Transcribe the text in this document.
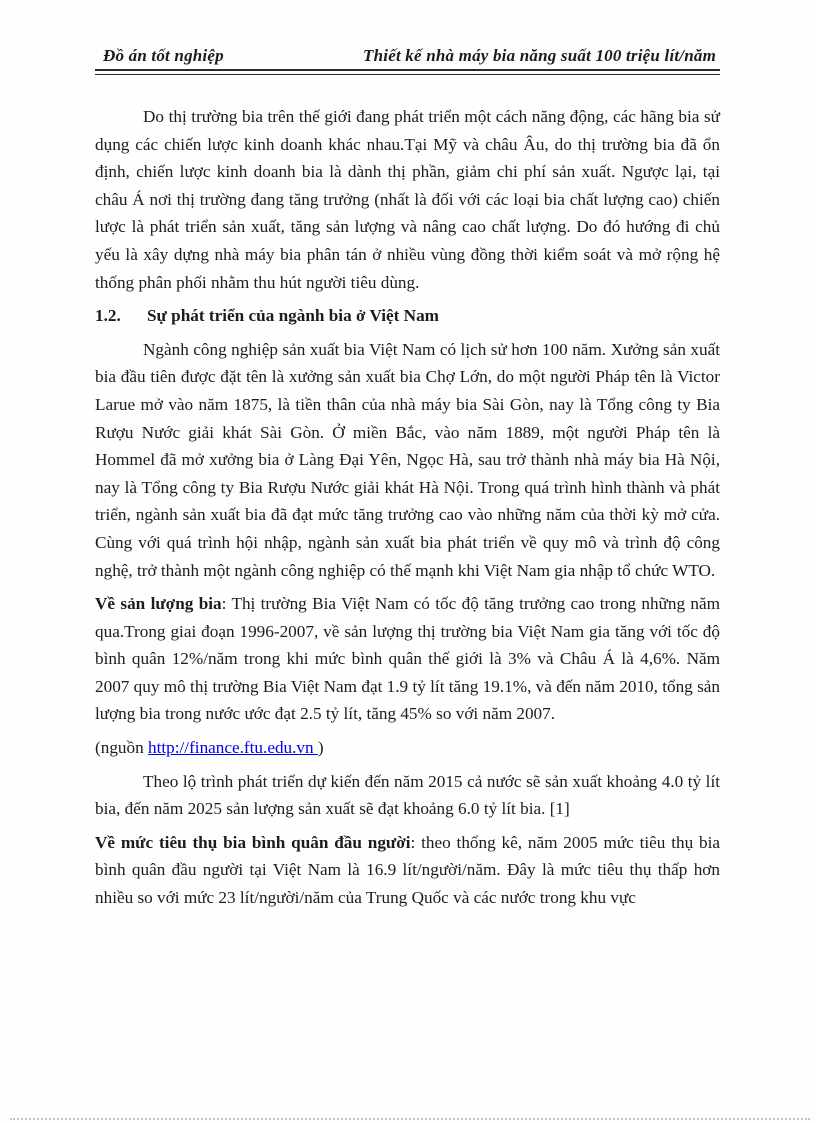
Đồ án tốt nghiệp	Thiết kế nhà máy bia năng suất 100 triệu lít/năm

Do thị trường bia trên thế giới đang phát triển một cách năng động, các hãng bia sử dụng các chiến lược kinh doanh khác nhau.Tại Mỹ và châu Âu, do thị trường bia đã ổn định, chiến lược kinh doanh bia là dành thị phần, giảm chi phí sản xuất. Ngược lại, tại châu Á nơi thị trường đang tăng trưởng (nhất là đối với các loại bia chất lượng cao) chiến lược là phát triển sản xuất, tăng sản lượng và nâng cao chất lượng. Do đó hướng đi chủ yếu là xây dựng nhà máy bia phân tán ở nhiều vùng đồng thời kiểm soát và mở rộng hệ thống phân phối nhằm thu hút người tiêu dùng.

1.2. Sự phát triển của ngành bia ở Việt Nam

Ngành công nghiệp sản xuất bia Việt Nam có lịch sử hơn 100 năm. Xưởng sản xuất bia đầu tiên được đặt tên là xưởng sản xuất bia Chợ Lớn, do một người Pháp tên là Victor Larue mở vào năm 1875, là tiền thân của nhà máy bia Sài Gòn, nay là Tổng công ty Bia Rượu Nước giải khát Sài Gòn. Ở miền Bắc, vào năm 1889, một người Pháp tên là Hommel đã mở xưởng bia ở Làng Đại Yên, Ngọc Hà, sau trở thành nhà máy bia Hà Nội, nay là Tổng công ty Bia Rượu Nước giải khát Hà Nội. Trong quá trình hình thành và phát triển, ngành sản xuất bia đã đạt mức tăng trưởng cao vào những năm của thời kỳ mở cửa. Cùng với quá trình hội nhập, ngành sản xuất bia phát triển về quy mô và trình độ công nghệ, trở thành một ngành công nghiệp có thế mạnh khi Việt Nam gia nhập tổ chức WTO.

Về sản lượng bia: Thị trường Bia Việt Nam có tốc độ tăng trưởng cao trong những năm qua.Trong giai đoạn 1996-2007, về sản lượng thị trường bia Việt Nam gia tăng với tốc độ bình quân 12%/năm trong khi mức bình quân thế giới là 3% và Châu Á là 4,6%. Năm 2007 quy mô thị trường Bia Việt Nam đạt 1.9 tỷ lít tăng 19.1%, và đến năm 2010, tổng sản lượng bia trong nước ước đạt 2.5 tỷ lít, tăng 45% so với năm 2007.

(nguồn http://finance.ftu.edu.vn )

Theo lộ trình phát triển dự kiến đến năm 2015 cả nước sẽ sản xuất khoảng 4.0 tỷ lít bia, đến năm 2025 sản lượng sản xuất sẽ đạt khoảng 6.0 tỷ lít bia. [1]

Về mức tiêu thụ bia bình quân đầu người: theo thống kê, năm 2005 mức tiêu thụ bia bình quân đầu người tại Việt Nam là 16.9 lít/người/năm. Đây là mức tiêu thụ thấp hơn nhiều so với mức 23 lít/người/năm của Trung Quốc và các nước trong khu vực
